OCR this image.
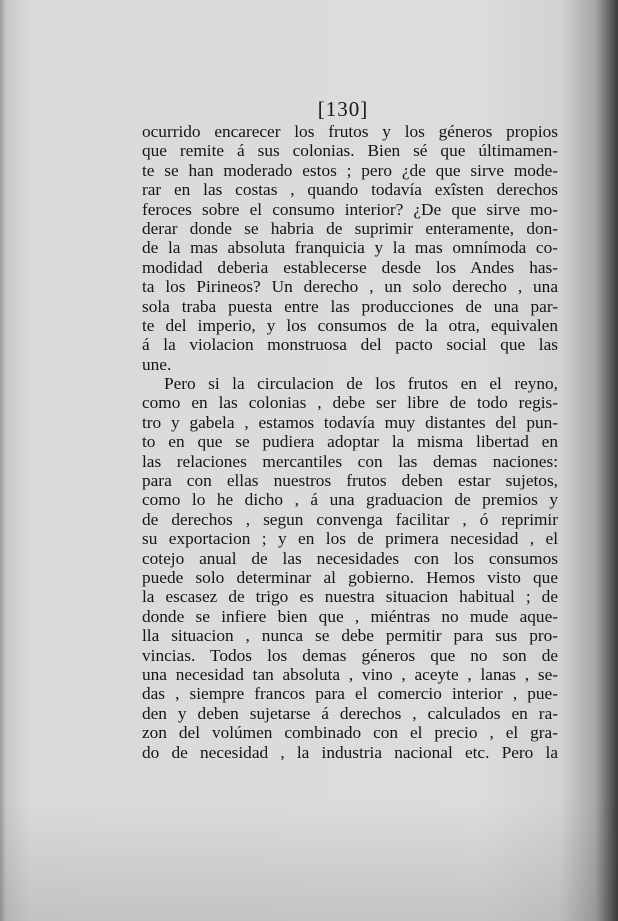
[130]
ocurrido encarecer los frutos y los géneros propios
que remite á sus colonias. Bien sé que últimamen-
te se han moderado estos ; pero ¿de que sirve mode-
rar en las costas , quando todavía exîsten derechos
feroces sobre el consumo interior? ¿De que sirve mo-
derar donde se habria de suprimir enteramente, don-
de la mas absoluta franquicia y la mas omnímoda co-
modidad deberia establecerse desde los Andes has-
ta los Pirineos? Un derecho , un solo derecho , una
sola traba puesta entre las producciones de una par-
te del imperio, y los consumos de la otra, equivalen
á la violacion monstruosa del pacto social que las
une.
Pero si la circulacion de los frutos en el reyno,
como en las colonias , debe ser libre de todo regis-
tro y gabela , estamos todavía muy distantes del pun-
to en que se pudiera adoptar la misma libertad en
las relaciones mercantiles con las demas naciones:
para con ellas nuestros frutos deben estar sujetos,
como lo he dicho , á una graduacion de premios y
de derechos , segun convenga facilitar , ó reprimir
su exportacion ; y en los de primera necesidad , el
cotejo anual de las necesidades con los consumos
puede solo determinar al gobierno. Hemos visto que
la escasez de trigo es nuestra situacion habitual ; de
donde se infiere bien que , miéntras no mude aque-
lla situacion , nunca se debe permitir para sus pro-
vincias. Todos los demas géneros que no son de
una necesidad tan absoluta , vino , aceyte , lanas , se-
das , siempre francos para el comercio interior , pue-
den y deben sujetarse á derechos , calculados en ra-
zon del volúmen combinado con el precio , el gra-
do de necesidad , la industria nacional etc. Pero la
